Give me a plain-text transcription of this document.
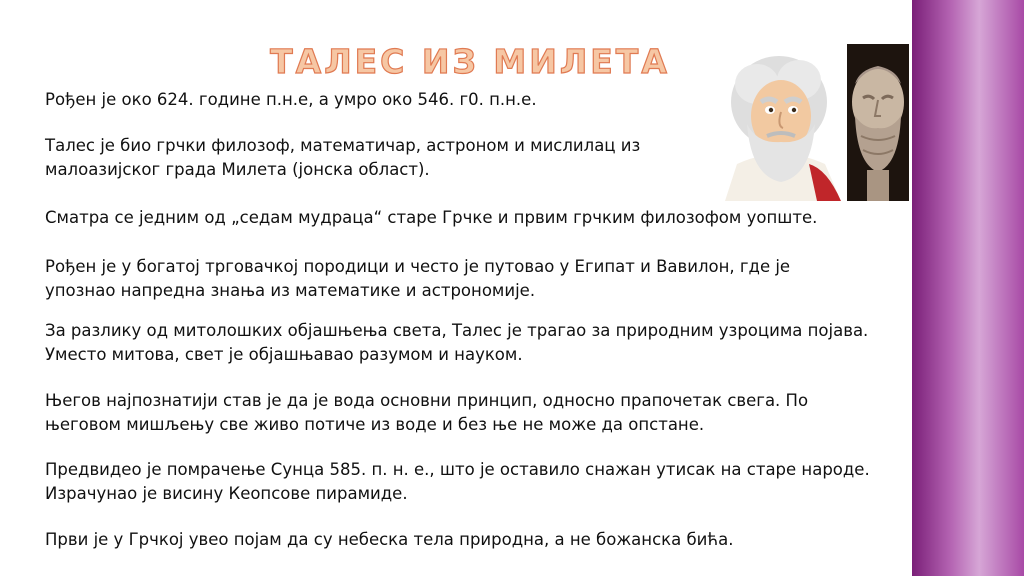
ТАЛЕС ИЗ МИЛЕТА

Рођен је око 624. године п.н.е, а умро око 546. г0. п.н.е.

Талес је био грчки филозоф, математичар, астроном и мислилац из

малоазијског града Милета (јонска област).

Сматра се једним од „седам мудраца“ старе Грчке и првим грчким филозофом уопште.

Рођен је у богатој трговачкој породици и често је путовао у Египат и Вавилон, где је

упознао напредна знања из математике и астрономије.

За разлику од митолошких објашњења света, Талес је трагао за природним узроцима појава.

Уместо митова, свет је објашњавао разумом и науком.

Његов најпознатији став је да је вода основни принцип, односно прапочетак свега. По

његовом мишљењу све живо потиче из воде и без ње не може да опстане.

Предвидео је помрачење Сунца 585. п. н. е., што је оставило снажан утисак на старе народе.

Израчунао је висину Кеопсове пирамиде.

Први је у Грчкој увео појам да су небеска тела природна, а не божанска бића.
